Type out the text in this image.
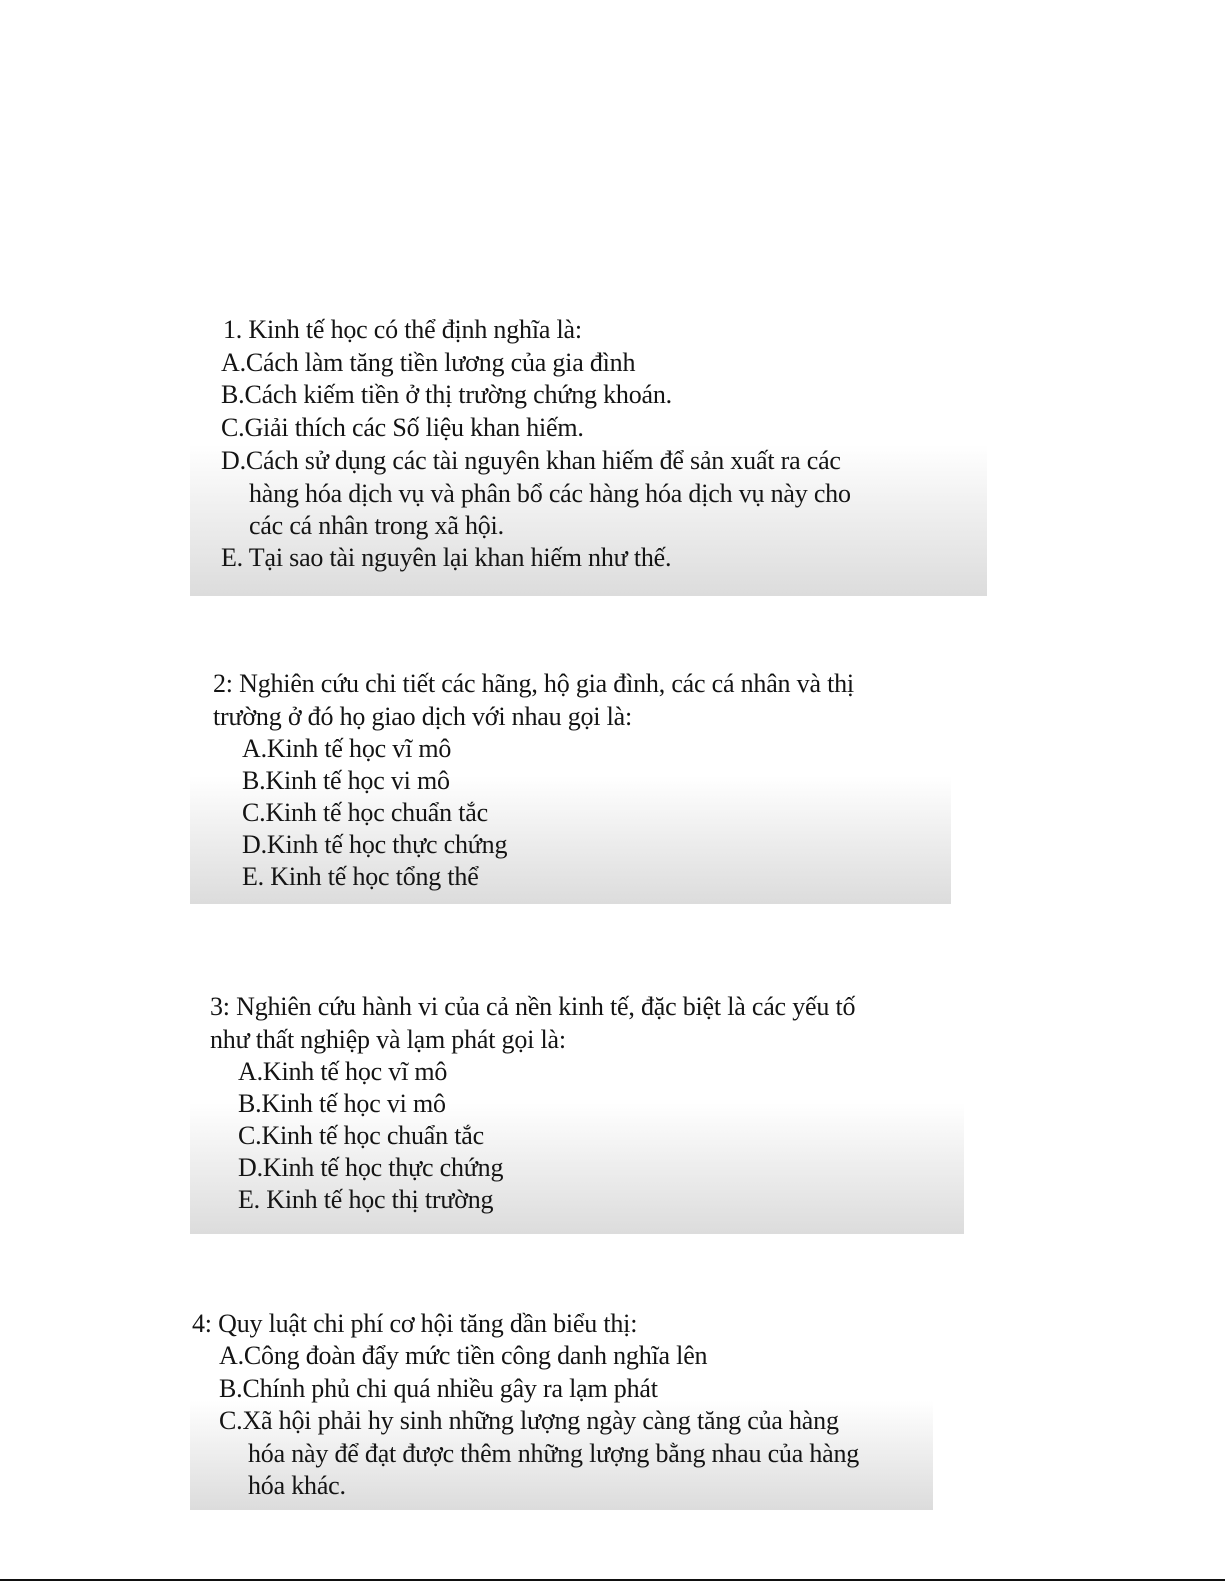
1. Kinh tế học có thể định nghĩa là:
A.Cách làm tăng tiền lương của gia đình
B.Cách kiếm tiền ở thị trường chứng khoán.
C.Giải thích các Số liệu khan hiếm.
D.Cách sử dụng các tài nguyên khan hiếm để sản xuất ra các
hàng hóa dịch vụ và phân bổ các hàng hóa dịch vụ này cho
các cá nhân trong xã hội.
E. Tại sao tài nguyên lại khan hiếm như thế.
2: Nghiên cứu chi tiết các hãng, hộ gia đình, các cá nhân và thị
trường ở đó họ giao dịch với nhau gọi là:
A.Kinh tế học vĩ mô
B.Kinh tế học vi mô
C.Kinh tế học chuẩn tắc
D.Kinh tế học thực chứng
E. Kinh tế học tổng thể
3: Nghiên cứu hành vi của cả nền kinh tế, đặc biệt là các yếu tố
như thất nghiệp và lạm phát gọi là:
A.Kinh tế học vĩ mô
B.Kinh tế học vi mô
C.Kinh tế học chuẩn tắc
D.Kinh tế học thực chứng
E. Kinh tế học thị trường
4: Quy luật chi phí cơ hội tăng dần biểu thị:
A.Công đoàn đẩy mức tiền công danh nghĩa lên
B.Chính phủ chi quá nhiều gây ra lạm phát
C.Xã hội phải hy sinh những lượng ngày càng tăng của hàng
hóa này để đạt được thêm những lượng bằng nhau của hàng
hóa khác.
